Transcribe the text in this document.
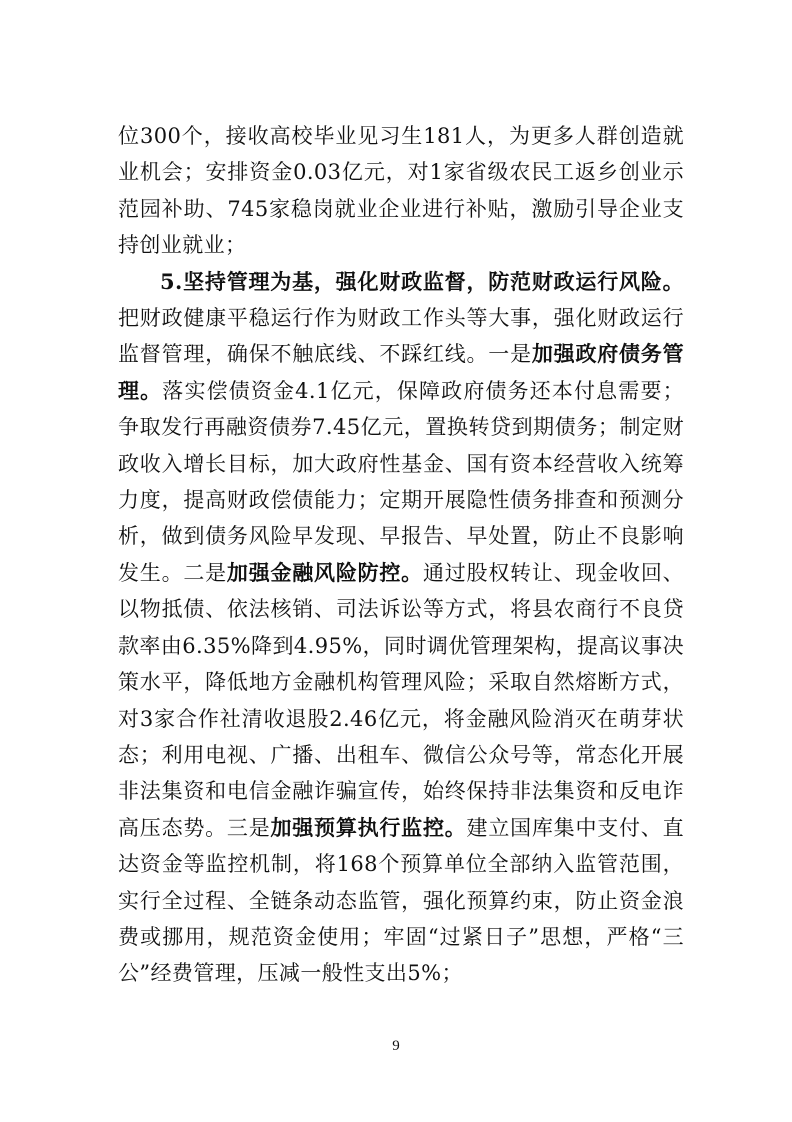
位300个，接收高校毕业见习生181人，为更多人群创造就业机会；安排资金0.03亿元，对1家省级农民工返乡创业示范园补助、745家稳岗就业企业进行补贴，激励引导企业支持创业就业；

5.坚持管理为基，强化财政监督，防范财政运行风险。把财政健康平稳运行作为财政工作头等大事，强化财政运行监督管理，确保不触底线、不踩红线。一是加强政府债务管理。落实偿债资金4.1亿元，保障政府债务还本付息需要；争取发行再融资债券7.45亿元，置换转贷到期债务；制定财政收入增长目标，加大政府性基金、国有资本经营收入统筹力度，提高财政偿债能力；定期开展隐性债务排查和预测分析，做到债务风险早发现、早报告、早处置，防止不良影响发生。二是加强金融风险防控。通过股权转让、现金收回、以物抵债、依法核销、司法诉讼等方式，将县农商行不良贷款率由6.35%降到4.95%，同时调优管理架构，提高议事决策水平，降低地方金融机构管理风险；采取自然熔断方式，对3家合作社清收退股2.46亿元，将金融风险消灭在萌芽状态；利用电视、广播、出租车、微信公众号等，常态化开展非法集资和电信金融诈骗宣传，始终保持非法集资和反电诈高压态势。三是加强预算执行监控。建立国库集中支付、直达资金等监控机制，将168个预算单位全部纳入监管范围，实行全过程、全链条动态监管，强化预算约束，防止资金浪费或挪用，规范资金使用；牢固“过紧日子”思想，严格“三公”经费管理，压减一般性支出5%；

9
